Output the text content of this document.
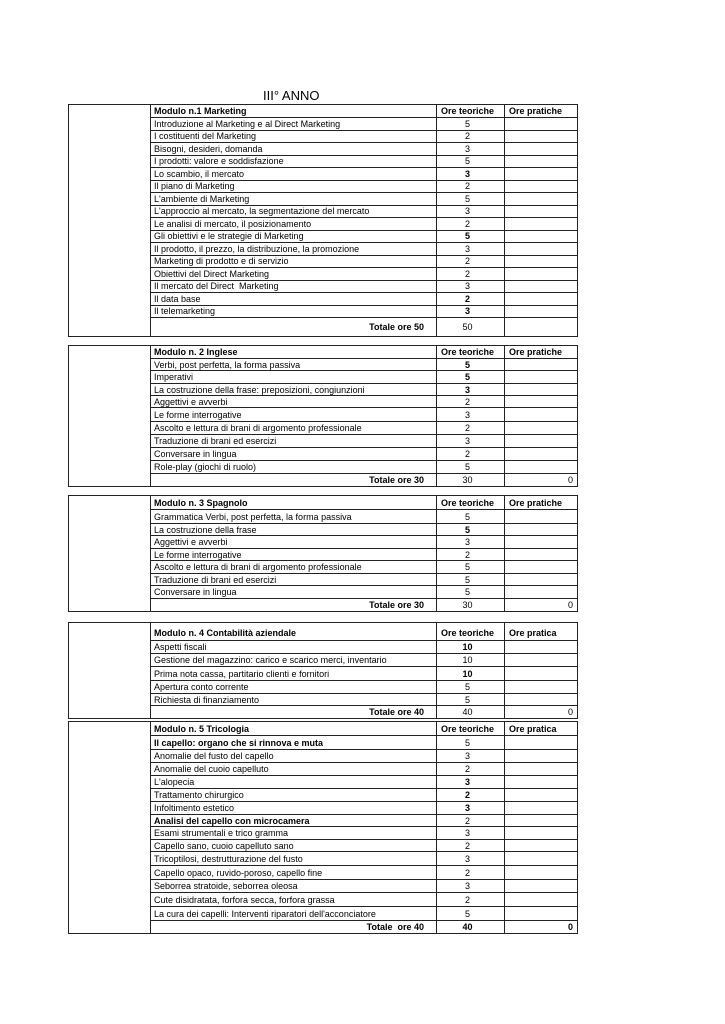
III° ANNO
Modulo n.1 Marketing	Ore teoriche	Ore pratiche
Introduzione al Marketing e al Direct Marketing	5
I costituenti del Marketing	2
Bisogni, desideri, domanda	3
I prodotti: valore e soddisfazione	5
Lo scambio, il mercato	3
Il piano di Marketing	2
L'ambiente di Marketing	5
L'approccio al mercato, la segmentazione del mercato	3
Le analisi di mercato, il posizionamento	2
Gli obiettivi e le strategie di Marketing	5
Il prodotto, il prezzo, la distribuzione, la promozione	3
Marketing di prodotto e di servizio	2
Obiettivi del Direct Marketing	2
Il mercato del Direct  Marketing	3
Il data base	2
Il telemarketing	3
Totale ore 50	50
Modulo n. 2 Inglese	Ore teoriche	Ore pratiche
Verbi, post perfetta, la forma passiva	5
Imperativi	5
La costruzione della frase: preposizioni, congiunzioni	3
Aggettivi e avverbi	2
Le forme interrogative	3
Ascolto e lettura di brani di argomento professionale	2
Traduzione di brani ed esercizi	3
Conversare in lingua	2
Role-play (giochi di ruolo)	5
Totale ore 30	30	0
Modulo n. 3 Spagnolo	Ore teoriche	Ore pratiche
Grammatica Verbi, post perfetta, la forma passiva	5
La costruzione della frase	5
Aggettivi e avverbi	3
Le forme interrogative	2
Ascolto e lettura di brani di argomento professionale	5
Traduzione di brani ed esercizi	5
Conversare in lingua	5
Totale ore 30	30	0
Modulo n. 4 Contabilità aziendale	Ore teoriche	Ore pratica
Aspetti fiscali	10
Gestione del magazzino: carico e scarico merci, inventario	10
Prima nota cassa, partitario clienti e fornitori	10
Apertura conto corrente	5
Richiesta di finanziamento	5
Totale ore 40	40	0
Modulo n. 5 Tricologia	Ore teoriche	Ore pratica
Il capello: organo che si rinnova e muta	5
Anomalie del fusto del capello	3
Anomalie del cuoio capelluto	2
L'alopecia	3
Trattamento chirurgico	2
Infoltimento estetico	3
Analisi del capello con microcamera	2
Esami strumentali e trico gramma	3
Capello sano, cuoio capelluto sano	2
Tricoptilosi, destrutturazione del fusto	3
Capello opaco, ruvido-poroso, capello fine	2
Seborrea stratoide, seborrea oleosa	3
Cute disidratata, forfora secca, forfora grassa	2
La cura dei capelli: Interventi riparatori dell'acconciatore	5
Totale  ore 40	40	0
